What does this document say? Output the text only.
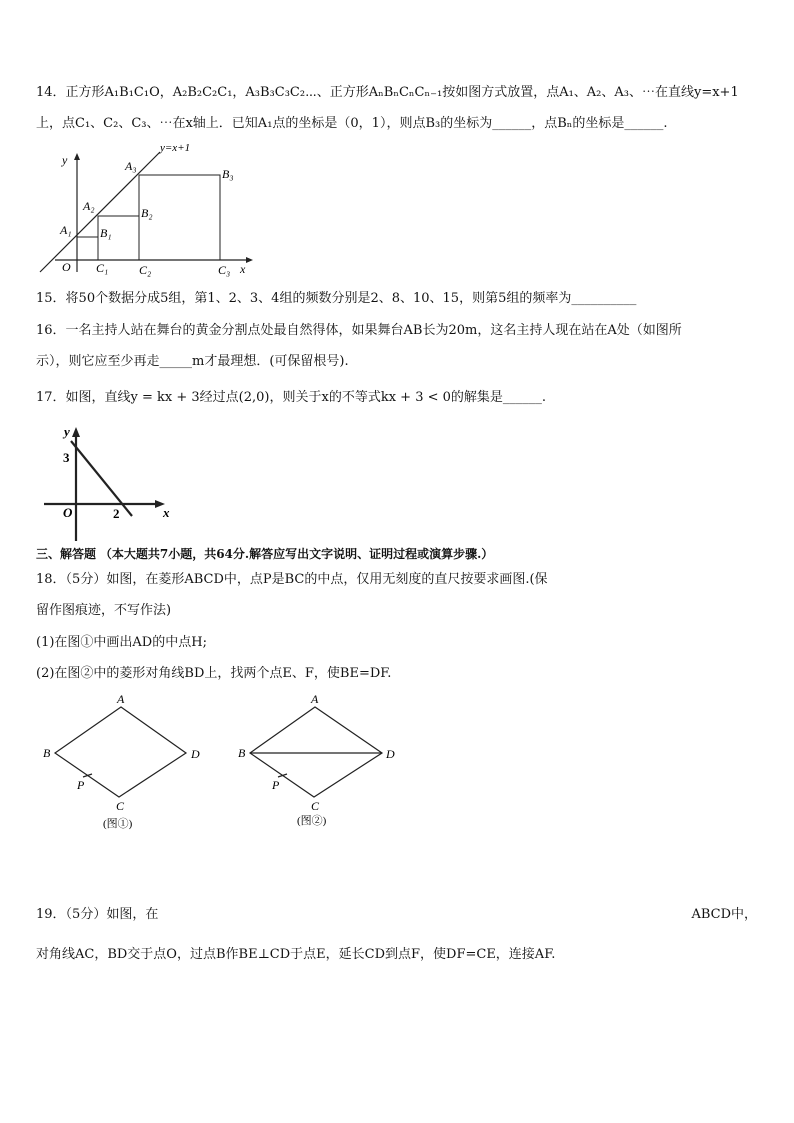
14．正方形A₁B₁C₁O，A₂B₂C₂C₁，A₃B₃C₃C₂⋯、正方形AₙBₙCₙCₙ₋₁按如图方式放置，点A₁、A₂、A₃、⋯在直线y=x+1
上，点C₁、C₂、C₃、⋯在x轴上．已知A₁点的坐标是（0，1），则点B₃的坐标为______，点Bₙ的坐标是______.
y=x+1
y
x
O
A₁
A₂
A₃
B₁
B₂
B₃
C₁	C₂	C₃
y
x
O
3
2
A
B
C
D
P
(图①)
A
B
C
D
P
(图②)
15．将50个数据分成5组，第1、2、3、4组的频数分别是2、8、10、15，则第5组的频率为__________
16．一名主持人站在舞台的黄金分割点处最自然得体，如果舞台AB长为20m，这名主持人现在站在A处（如图所
示），则它应至少再走_____m才最理想．(可保留根号).
17．如图，直线y = kx + 3经过点(2,0)，则关于x的不等式kx + 3 < 0的解集是______.
三、解答题 （本大题共7小题，共64分.解答应写出文字说明、证明过程或演算步骤.）
18．（5分）如图，在菱形ABCD中，点P是BC的中点，仅用无刻度的直尺按要求画图.(保
留作图痕迹，不写作法)
(1)在图①中画出AD的中点H;
(2)在图②中的菱形对角线BD上，找两个点E、F，使BE=DF.
19．（5分）如图，在	ABCD中，
对角线AC，BD交于点O，过点B作BE⊥CD于点E，延长CD到点F，使DF=CE，连接AF.
